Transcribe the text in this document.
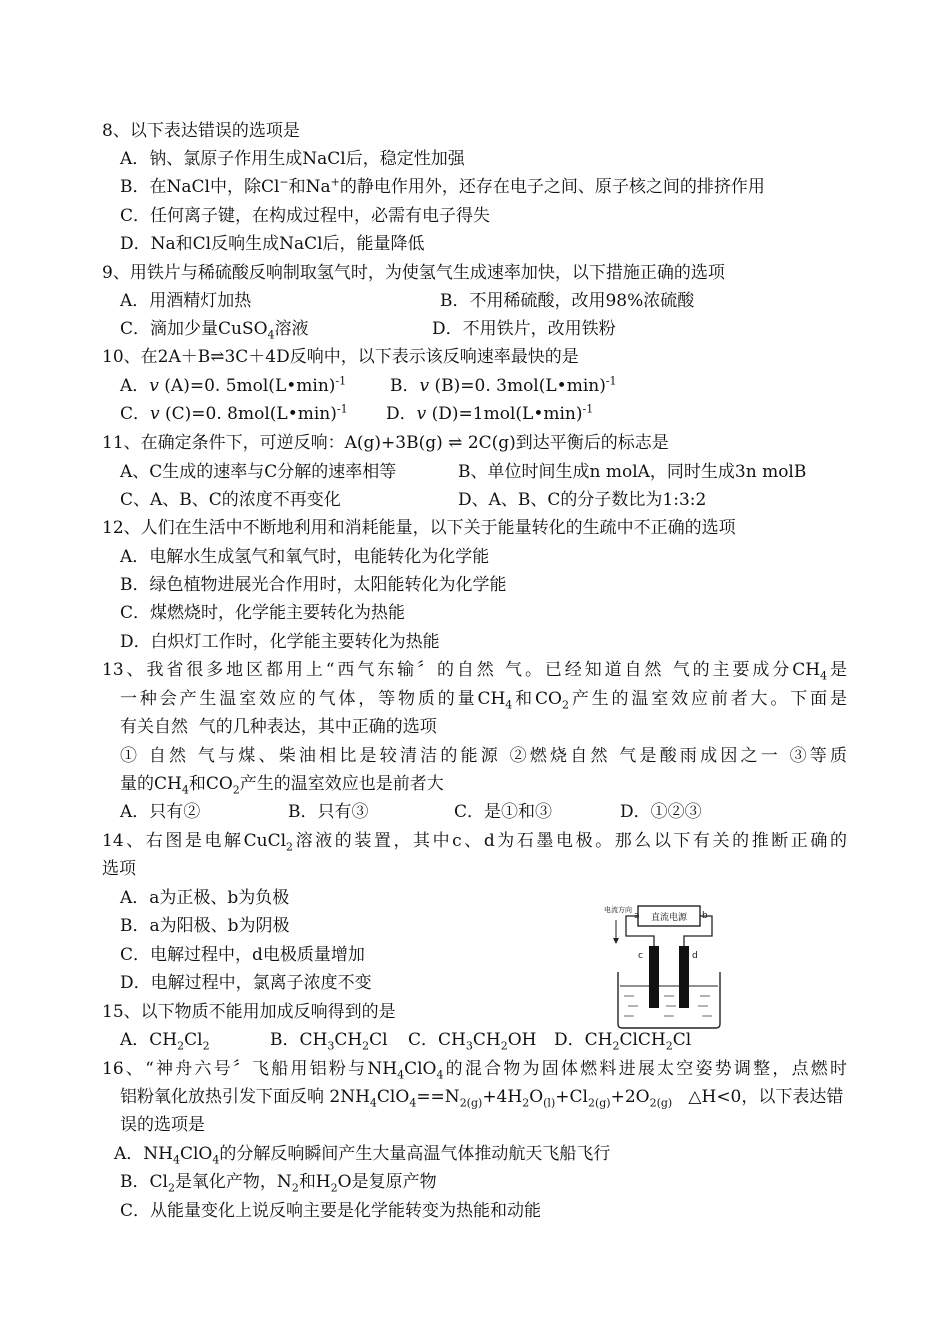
8、以下表达错误的选项是
A．钠、氯原子作用生成NaCl后，稳定性加强
B．在NaCl中，除Cl−和Na+的静电作用外，还存在电子之间、原子核之间的排挤作用
C．任何离子键，在构成过程中，必需有电子得失
D．Na和Cl反响生成NaCl后，能量降低
9、用铁片与稀硫酸反响制取氢气时，为使氢气生成速率加快，以下措施正确的选项

A．用酒精灯加热

	B．不用稀硫酸，改用98%浓硫酸

C．滴加少量CuSO$_4$溶液

	D．不用铁片，改用铁粉

10、在2A＋B⇌3C＋4D反响中，以下表示该反响速率最快的是

A．v (A)=0. 5mol(L•min)$^{-1}$

	B．v (B)=0. 3mol(L•min)$^{-1}$

C．v (C)=0. 8mol(L•min)$^{-1}$

D．v (D)=1mol(L•min)$^{-1}$

11、在确定条件下，可逆反响：A(g)+3B(g) ⇌ 2C(g)到达平衡后的标志是

A、C生成的速率与C分解的速率相等

	B、单位时间生成n molA，同时生成3n molB

C、A、B、C的浓度不再变化

	D、A、B、C的分子数比为1:3:2

12、人们在生活中不断地利用和消耗能量，以下关于能量转化的生疏中不正确的选项
A．电解水生成氢气和氧气时，电能转化为化学能
B．绿色植物进展光合作用时，太阳能转化为化学能
C．煤燃烧时，化学能主要转化为热能
D．白炽灯工作时，化学能主要转化为热能
13、我省很多地区都用上“西气东输〞的自然 气。已经知道自然 气的主要成分$CH_4$是
一种会产生温室效应的气体，等物质的量$CH_4$和$CO_2$产生的温室效应前者大。下面是
有关自然  气的几种表达，其中正确的选项
① 自然 气与煤、柴油相比是较清洁的能源 ②燃烧自然 气是酸雨成因之一 ③等质
量的$CH_4$和$CO_2$产生的温室效应也是前者大

A．只有②

	B．只有③

	C．是①和③

	D．①②③

14、右图是电解CuCl$_2$溶液的装置，其中c、d为石墨电极。那么以下有关的推断正确的
选项
A．a为正极、b为负极
B．a为阳极、b为阴极
C．电解过程中，d电极质量增加
D．电解过程中，氯离子浓度不变
直流电源
a	b
电流方向
c	d
15、以下物质不能用加成反响得到的是

A．$CH_2Cl_2$

	B．$CH_3CH_2Cl$

C．$CH_3CH_2OH$

D．$CH_2ClCH_2Cl$

16、“神舟六号〞飞船用铝粉与$NH_4ClO_4$的混合物为固体燃料进展太空姿势调整，点燃时
铝粉氧化放热引发下面反响 $2NH_4ClO_4==N_{2(g)}+4H_2O_{(l)}+Cl_{2(g)}+2O_{2(g)}$   △H<0，以下表达错
误的选项是
A．$NH_4ClO_4$的分解反响瞬间产生大量高温气体推动航天飞船飞行
B．$Cl_2$是氧化产物，$N_2$和$H_2O$是复原产物
C．从能量变化上说反响主要是化学能转变为热能和动能
